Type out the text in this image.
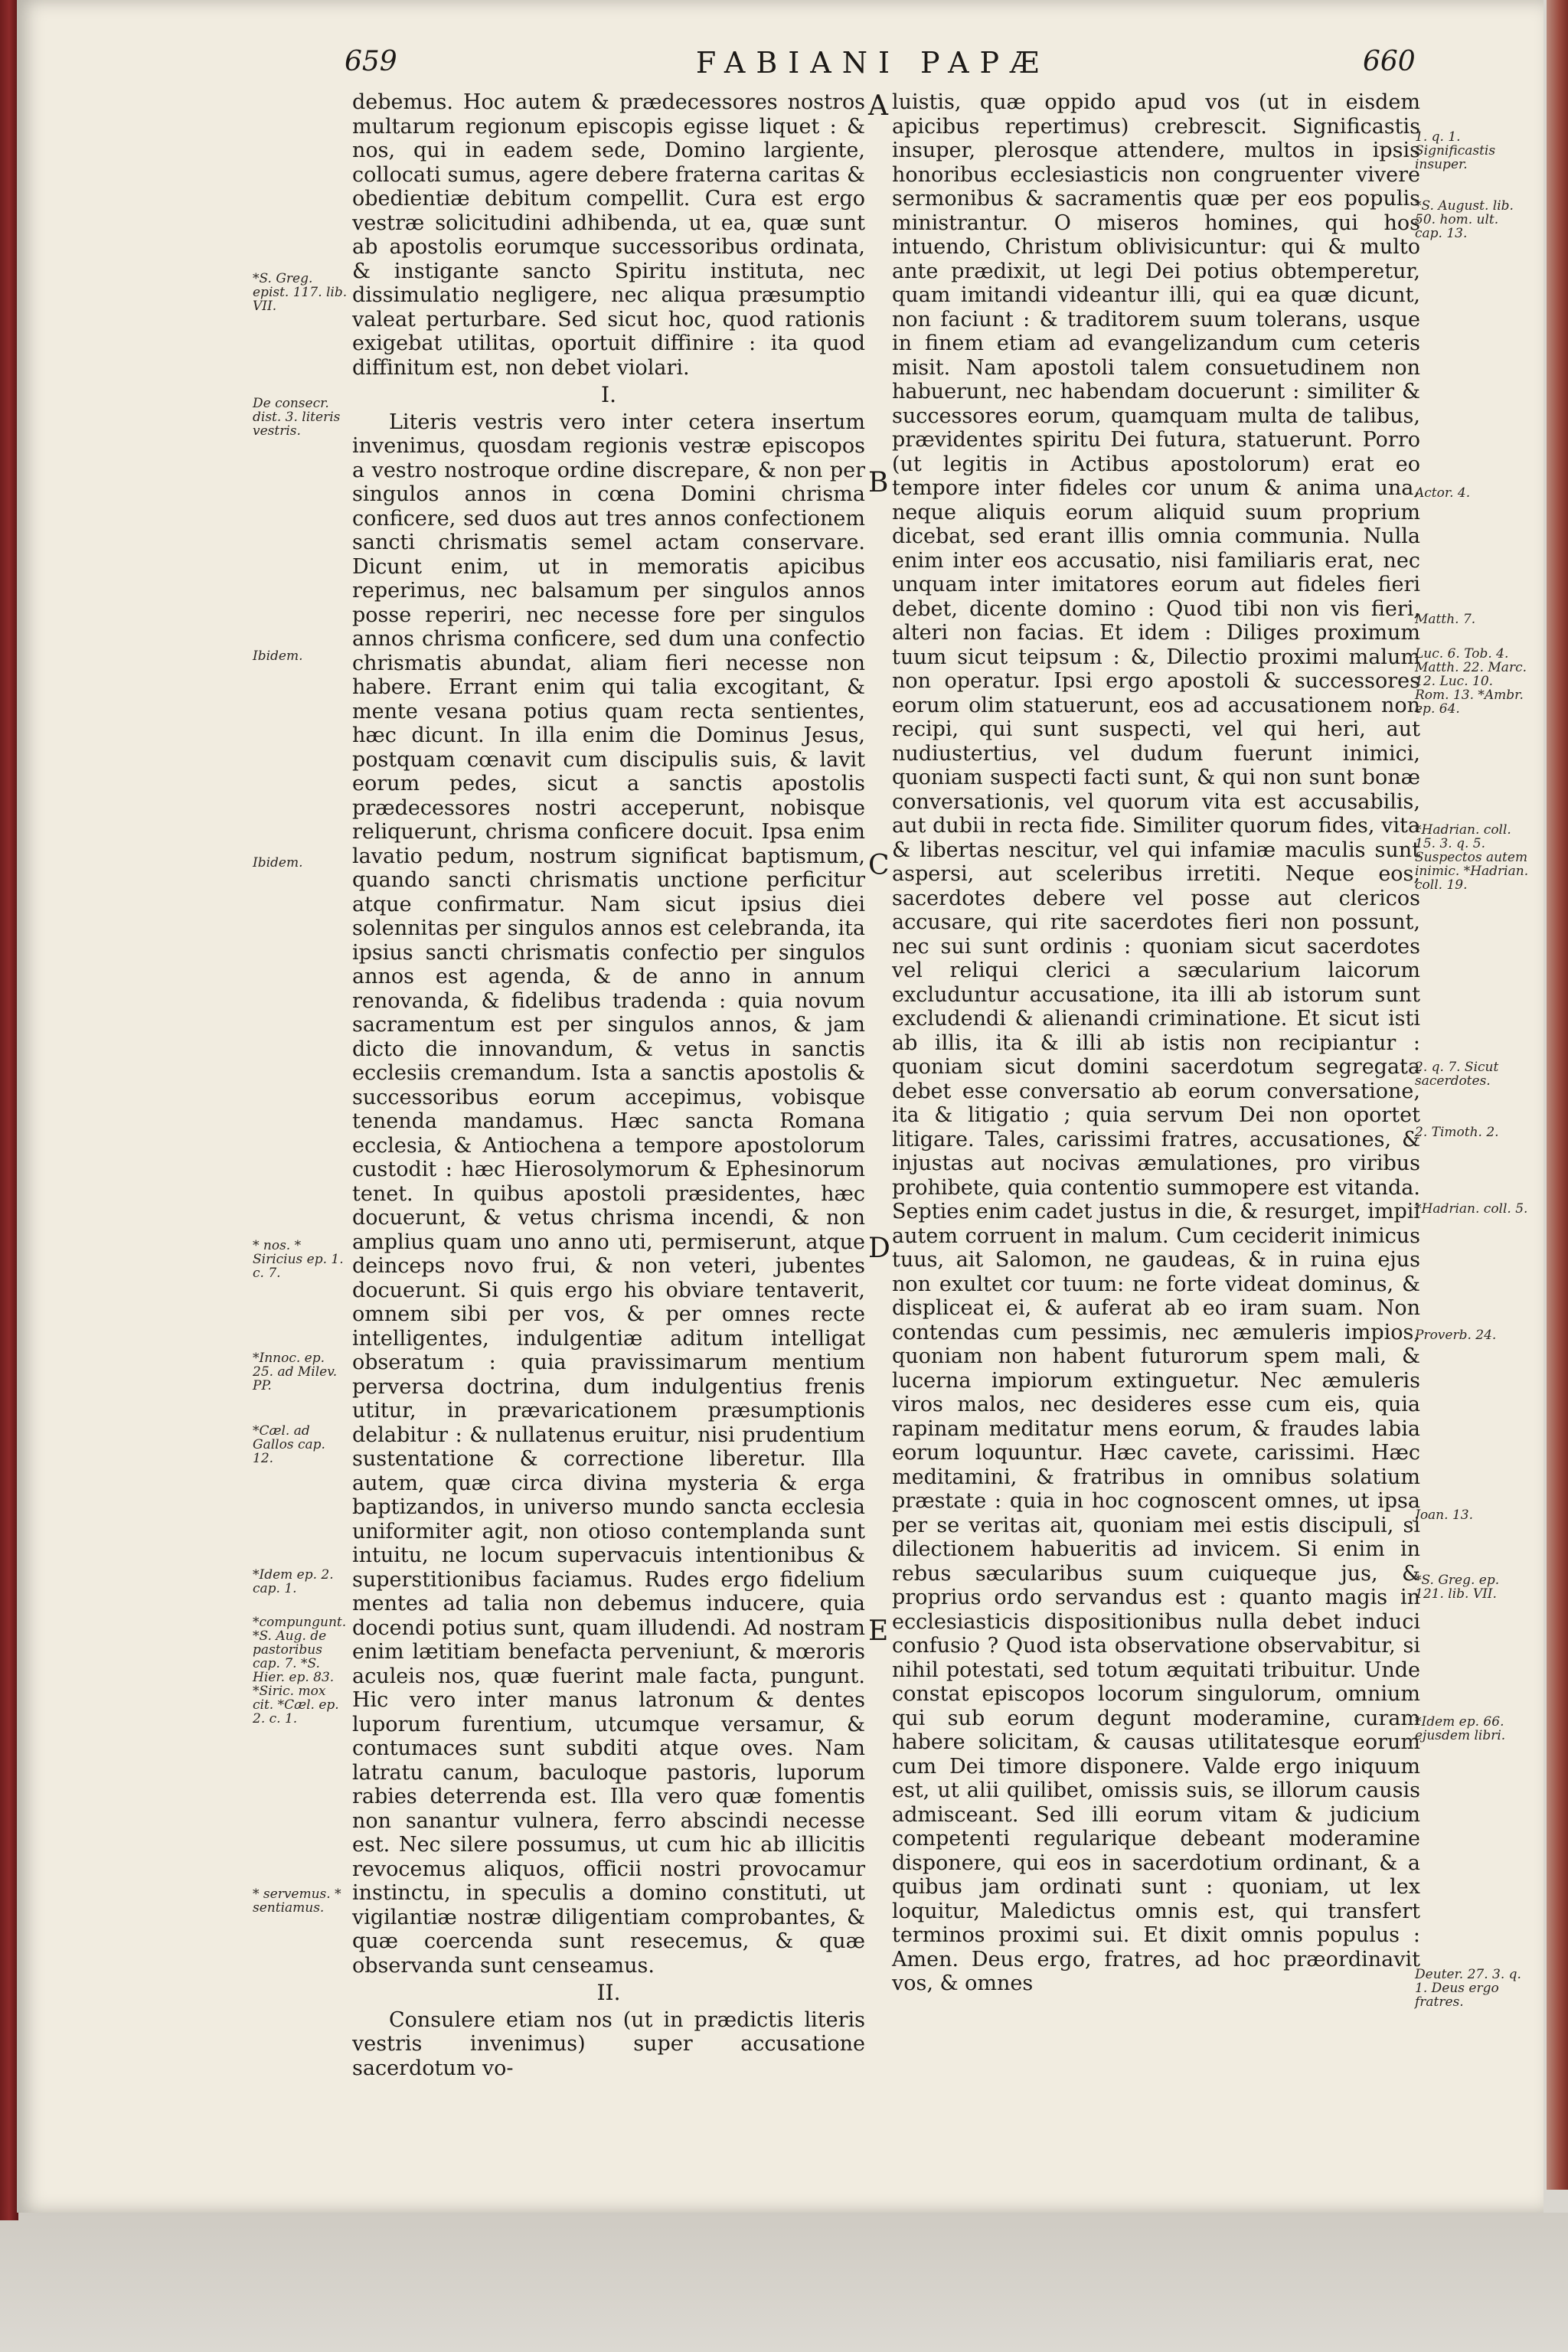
659	FABIANI PAPÆ	660
*S. Greg. epist. 117. lib. VII.
De consecr. dist. 3. literis vestris.
Ibidem.
Ibidem.
* nos. * Siricius ep. 1. c. 7.
*Innoc. ep. 25. ad Milev. PP.
*Cæl. ad Gallos cap. 12.
*Idem ep. 2. cap. 1.
*compungunt. *S. Aug. de pastoribus cap. 7. *S. Hier. ep. 83. *Siric. mox cit. *Cæl. ep. 2. c. 1.
* servemus. * sentiamus.
A
B
C
D
E

debemus. Hoc autem & prædecessores nostros multarum regionum episcopis egisse liquet : & nos, qui in eadem sede, Domino largiente, collocati sumus, agere debere fraterna caritas & obedientiæ debitum compellit. Cura est ergo vestræ solicitudini adhibenda, ut ea, quæ sunt ab apostolis eorumque successoribus ordinata, & instigante sancto Spiritu instituta, nec dissimulatio negligere, nec aliqua præsumptio valeat perturbare. Sed sicut hoc, quod rationis exigebat utilitas, oportuit diffinire : ita quod diffinitum est, non debet violari.

I.

Literis vestris vero inter cetera insertum invenimus, quosdam regionis vestræ episcopos a vestro nostroque ordine discrepare, & non per singulos annos in cœna Domini chrisma conficere, sed duos aut tres annos confectionem sancti chrismatis semel actam conservare. Dicunt enim, ut in memoratis apicibus reperimus, nec balsamum per singulos annos posse reperiri, nec necesse fore per singulos annos chrisma conficere, sed dum una confectio chrismatis abundat, aliam fieri necesse non habere. Errant enim qui talia excogitant, & mente vesana potius quam recta sentientes, hæc dicunt. In illa enim die Dominus Jesus, postquam cœnavit cum discipulis suis, & lavit eorum pedes, sicut a sanctis apostolis prædecessores nostri acceperunt, nobisque reliquerunt, chrisma conficere docuit. Ipsa enim lavatio pedum, nostrum significat baptismum, quando sancti chrismatis unctione perficitur atque confirmatur. Nam sicut ipsius diei solennitas per singulos annos est celebranda, ita ipsius sancti chrismatis confectio per singulos annos est agenda, & de anno in annum renovanda, & fidelibus tradenda : quia novum sacramentum est per singulos annos, & jam dicto die innovandum, & vetus in sanctis ecclesiis cremandum. Ista a sanctis apostolis & successoribus eorum accepimus, vobisque tenenda mandamus. Hæc sancta Romana ecclesia, & Antiochena a tempore apostolorum custodit : hæc Hierosolymorum & Ephesinorum tenet. In quibus apostoli præsidentes, hæc docuerunt, & vetus chrisma incendi, & non amplius quam uno anno uti, permiserunt, atque deinceps novo frui, & non veteri, jubentes docuerunt. Si quis ergo his obviare tentaverit, omnem sibi per vos, & per omnes recte intelligentes, indulgentiæ aditum intelligat obseratum : quia pravissimarum mentium perversa doctrina, dum indulgentius frenis utitur, in prævaricationem præsumptionis delabitur : & nullatenus eruitur, nisi prudentium sustentatione & correctione liberetur. Illa autem, quæ circa divina mysteria & erga baptizandos, in universo mundo sancta ecclesia uniformiter agit, non otioso contemplanda sunt intuitu, ne locum supervacuis intentionibus & superstitionibus faciamus. Rudes ergo fidelium mentes ad talia non debemus inducere, quia docendi potius sunt, quam illudendi. Ad nostram enim lætitiam benefacta perveniunt, & mœroris aculeis nos, quæ fuerint male facta, pungunt. Hic vero inter manus latronum & dentes luporum furentium, utcumque versamur, & contumaces sunt subditi atque oves. Nam latratu canum, baculoque pastoris, luporum rabies deterrenda est. Illa vero quæ fomentis non sanantur vulnera, ferro abscindi necesse est. Nec silere possumus, ut cum hic ab illicitis revocemus aliquos, officii nostri provocamur instinctu, in speculis a domino constituti, ut vigilantiæ nostræ diligentiam comprobantes, & quæ coercenda sunt resecemus, & quæ observanda sunt censeamus.

II.

Consulere etiam nos (ut in prædictis literis vestris invenimus) super accusatione sacerdotum vo-

luistis, quæ oppido apud vos (ut in eisdem apicibus repertimus) crebrescit. Significastis insuper, plerosque attendere, multos in ipsis honoribus ecclesiasticis non congruenter vivere sermonibus & sacramentis quæ per eos populis ministrantur. O miseros homines, qui hos intuendo, Christum oblivisicuntur: qui & multo ante prædixit, ut legi Dei potius obtemperetur, quam imitandi videantur illi, qui ea quæ dicunt, non faciunt : & traditorem suum tolerans, usque in finem etiam ad evangelizandum cum ceteris misit. Nam apostoli talem consuetudinem non habuerunt, nec habendam docuerunt : similiter & successores eorum, quamquam multa de talibus, prævidentes spiritu Dei futura, statuerunt. Porro (ut legitis in Actibus apostolorum) erat eo tempore inter fideles cor unum & anima una, neque aliquis eorum aliquid suum proprium dicebat, sed erant illis omnia communia. Nulla enim inter eos accusatio, nisi familiaris erat, nec unquam inter imitatores eorum aut fideles fieri debet, dicente domino : Quod tibi non vis fieri, alteri non facias. Et idem : Diliges proximum tuum sicut teipsum : &, Dilectio proximi malum non operatur. Ipsi ergo apostoli & successores eorum olim statuerunt, eos ad accusationem non recipi, qui sunt suspecti, vel qui heri, aut nudiustertius, vel dudum fuerunt inimici, quoniam suspecti facti sunt, & qui non sunt bonæ conversationis, vel quorum vita est accusabilis, aut dubii in recta fide. Similiter quorum fides, vita & libertas nescitur, vel qui infamiæ maculis sunt aspersi, aut sceleribus irretiti. Neque eos, sacerdotes debere vel posse aut clericos accusare, qui rite sacerdotes fieri non possunt, nec sui sunt ordinis : quoniam sicut sacerdotes vel reliqui clerici a sæcularium laicorum excluduntur accusatione, ita illi ab istorum sunt excludendi & alienandi criminatione. Et sicut isti ab illis, ita & illi ab istis non recipiantur : quoniam sicut domini sacerdotum segregata debet esse conversatio ab eorum conversatione, ita & litigatio ; quia servum Dei non oportet litigare. Tales, carissimi fratres, accusationes, & injustas aut nocivas æmulationes, pro viribus prohibete, quia contentio summopere est vitanda. Septies enim cadet justus in die, & resurget, impii autem corruent in malum. Cum ceciderit inimicus tuus, ait Salomon, ne gaudeas, & in ruina ejus non exultet cor tuum: ne forte videat dominus, & displiceat ei, & auferat ab eo iram suam. Non contendas cum pessimis, nec æmuleris impios, quoniam non habent futurorum spem mali, & lucerna impiorum extinguetur. Nec æmuleris viros malos, nec desideres esse cum eis, quia rapinam meditatur mens eorum, & fraudes labia eorum loquuntur. Hæc cavete, carissimi. Hæc meditamini, & fratribus in omnibus solatium præstate : quia in hoc cognoscent omnes, ut ipsa per se veritas ait, quoniam mei estis discipuli, si dilectionem habueritis ad invicem. Si enim in rebus sæcularibus suum cuiqueque jus, & proprius ordo servandus est : quanto magis in ecclesiasticis dispositionibus nulla debet induci confusio ? Quod ista observatione observabitur, si nihil potestati, sed totum æquitati tribuitur. Unde constat episcopos locorum singulorum, omnium qui sub eorum degunt moderamine, curam habere solicitam, & causas utilitatesque eorum cum Dei timore disponere. Valde ergo iniquum est, ut alii quilibet, omissis suis, se illorum causis admisceant. Sed illi eorum vitam & judicium competenti regularique debeant moderamine disponere, qui eos in sacerdotium ordinant, & a quibus jam ordinati sunt : quoniam, ut lex loquitur, Maledictus omnis est, qui transfert terminos proximi sui. Et dixit omnis populus : Amen. Deus ergo, fratres, ad hoc præordinavit vos, & omnes

1. q. 1. Significastis insuper.
*S. August. lib. 50. hom. ult. cap. 13.
Actor. 4.
Matth. 7.
Luc. 6. Tob. 4. Matth. 22. Marc. 12. Luc. 10. Rom. 13. *Ambr. ep. 64.
*Hadrian. coll. 15. 3. q. 5. Suspectos autem inimic. *Hadrian. coll. 19.
2. q. 7. Sicut sacerdotes.
2. Timoth. 2.
*Hadrian. coll. 5.
Proverb. 24.
Joan. 13.
*S. Greg. ep. 121. lib. VII.
*Idem ep. 66. ejusdem libri.
Deuter. 27. 3. q. 1. Deus ergo fratres.
